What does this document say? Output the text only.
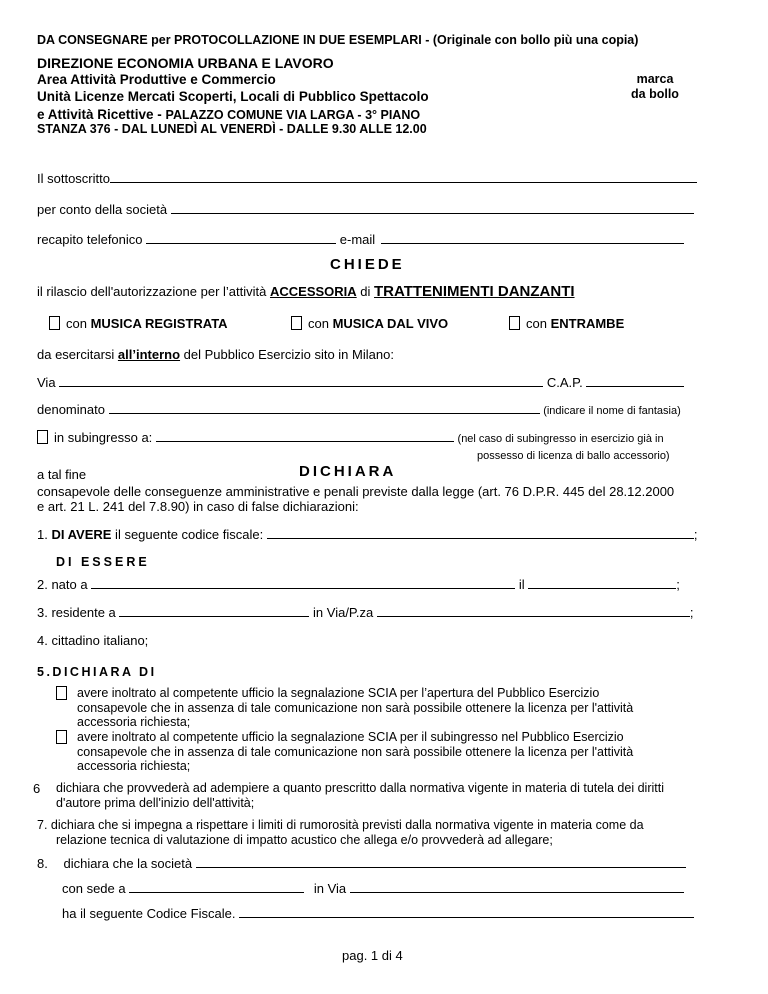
DA CONSEGNARE per PROTOCOLLAZIONE IN DUE ESEMPLARI - (Originale con bollo più una copia)
DIREZIONE ECONOMIA URBANA E LAVORO
Area Attività Produttive e Commercio
Unità Licenze Mercati Scoperti, Locali di Pubblico Spettacolo
e Attività Ricettive - PALAZZO COMUNE VIA LARGA - 3° PIANO
STANZA 376 - DAL LUNEDÌ AL VENERDÌ - DALLE 9.30 ALLE 12.00
marca
da bollo
Il sottoscritto
per conto della società
recapito telefonico	e-mail
CHIEDE
il rilascio dell'autorizzazione per l’attività ACCESSORIA di TRATTENIMENTI DANZANTI
con MUSICA REGISTRATA	con MUSICA DAL VIVO	con ENTRAMBE
da esercitarsi all’interno del Pubblico Esercizio sito in Milano:
Via	C.A.P.
denominato	(indicare il nome di fantasia)
in subingresso a:	(nel caso di subingresso in esercizio già in
possesso di licenza di ballo accessorio)
a tal fine	DICHIARA
consapevole delle conseguenze amministrative e penali previste dalla legge (art. 76 D.P.R. 445 del 28.12.2000
e art. 21 L. 241 del 7.8.90) in caso di false dichiarazioni:
1. DI AVERE il seguente codice fiscale:	;
DI ESSERE
2. nato a	il	;
3. residente a	in Via/P.za	;
4. cittadino italiano;
5.DICHIARA DI
avere inoltrato al competente ufficio la segnalazione SCIA per l’apertura del Pubblico Esercizio
consapevole che in assenza di tale comunicazione non sarà possibile ottenere la licenza per l'attività
accessoria richiesta;
avere inoltrato al competente ufficio la segnalazione SCIA per il subingresso nel Pubblico Esercizio
consapevole che in assenza di tale comunicazione non sarà possibile ottenere la licenza per l'attività
accessoria richiesta;
6 dichiara che provvederà ad adempiere a quanto prescritto dalla normativa vigente in materia di tutela dei diritti
d'autore prima dell'inizio dell'attività;
7. dichiara che si impegna a rispettare i limiti di rumorosità previsti dalla normativa vigente in materia come da
relazione tecnica di valutazione di impatto acustico che allega e/o provvederà ad allegare;
8. dichiara che la società
con sede a	in Via
ha il seguente Codice Fiscale.
pag. 1 di 4
